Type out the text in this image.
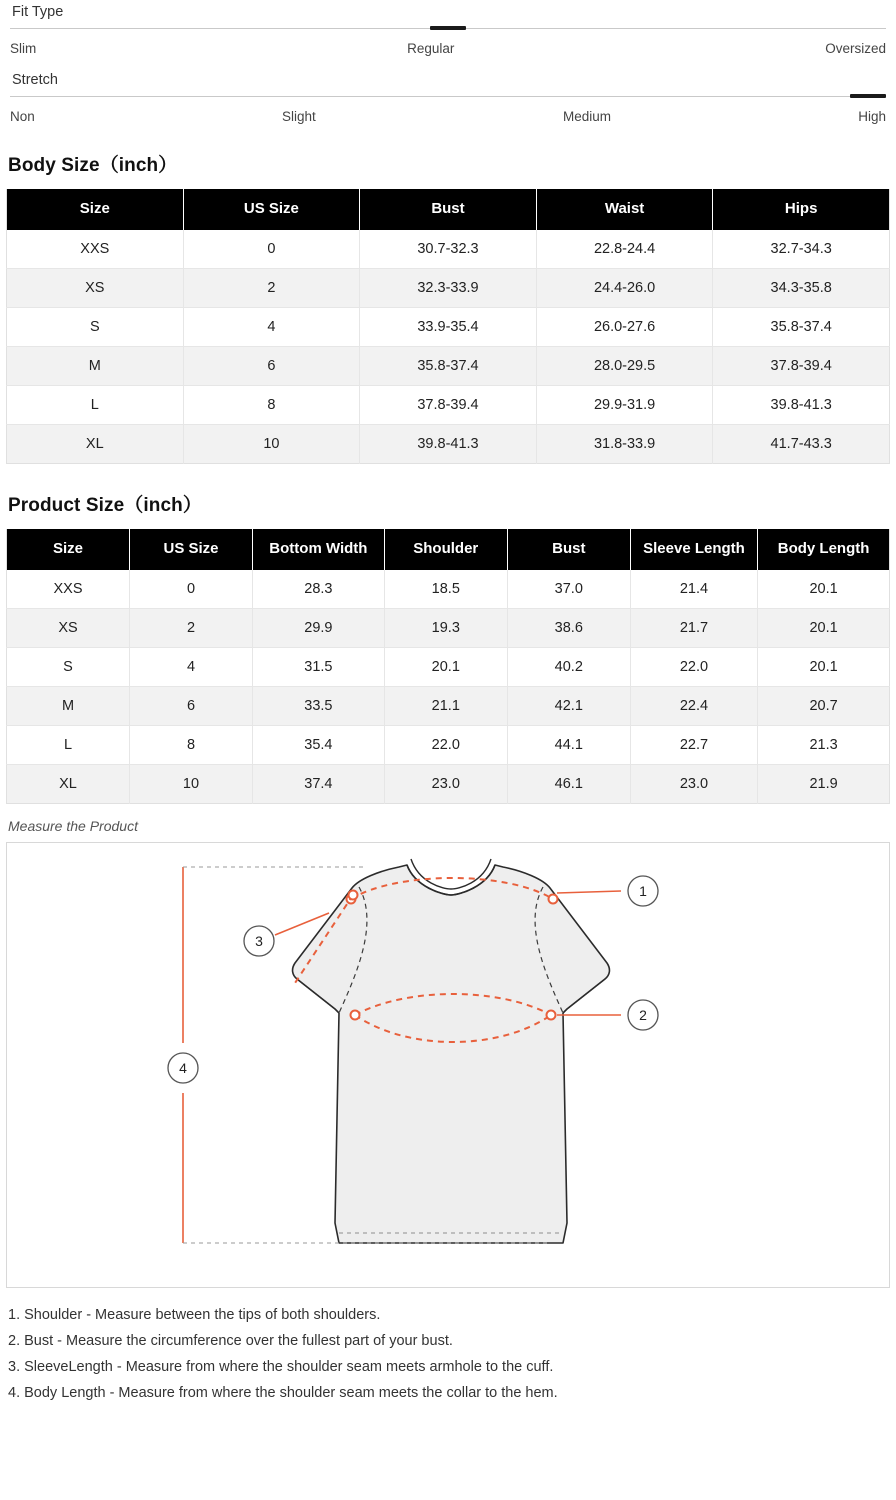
Fit Type
Slim	Regular	Oversized
Stretch
Non	Slight	Medium	High
Body Size（inch）
Size	US Size	Bust	Waist	Hips
XXS	0	30.7-32.3	22.8-24.4	32.7-34.3
XS	2	32.3-33.9	24.4-26.0	34.3-35.8
S	4	33.9-35.4	26.0-27.6	35.8-37.4
M	6	35.8-37.4	28.0-29.5	37.8-39.4
L	8	37.8-39.4	29.9-31.9	39.8-41.3
XL	10	39.8-41.3	31.8-33.9	41.7-43.3
Product Size（inch）
Size	US Size	Bottom Width	Shoulder	Bust	Sleeve Length	Body Length
XXS	0	28.3	18.5	37.0	21.4	20.1
XS	2	29.9	19.3	38.6	21.7	20.1
S	4	31.5	20.1	40.2	22.0	20.1
M	6	33.5	21.1	42.1	22.4	20.7
L	8	35.4	22.0	44.1	22.7	21.3
XL	10	37.4	23.0	46.1	23.0	21.9
Measure the Product
1
2
3
4
1. Shoulder - Measure between the tips of both shoulders.
2. Bust - Measure the circumference over the fullest part of your bust.
3. SleeveLength - Measure from where the shoulder seam meets armhole to the cuff.
4. Body Length - Measure from where the shoulder seam meets the collar to the hem.
